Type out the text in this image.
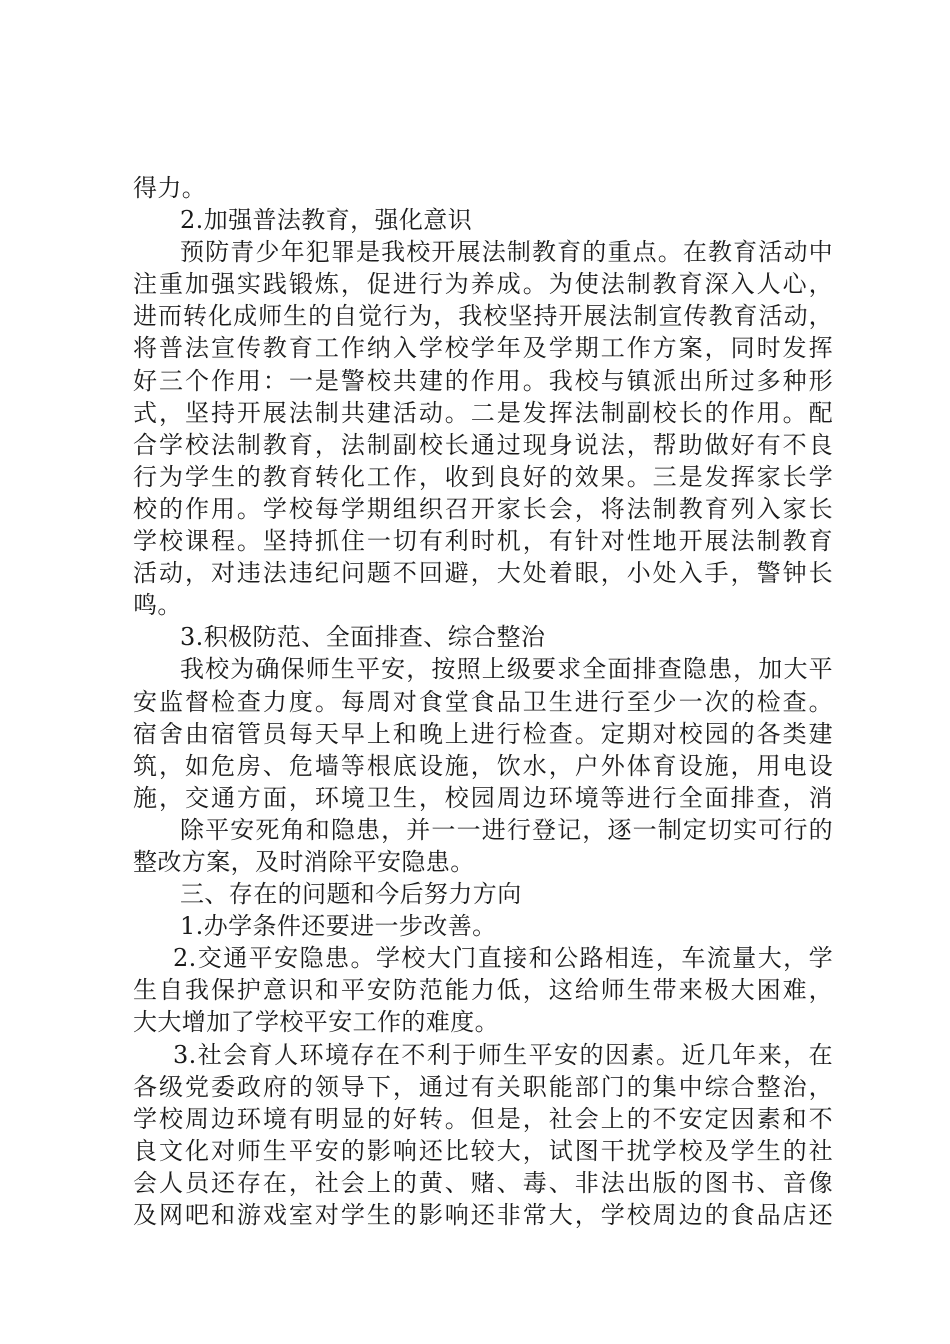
得力。
2.加强普法教育，强化意识
预防青少年犯罪是我校开展法制教育的重点。在教育活动中
注重加强实践锻炼，促进行为养成。为使法制教育深入人心，
进而转化成师生的自觉行为，我校坚持开展法制宣传教育活动，
将普法宣传教育工作纳入学校学年及学期工作方案，同时发挥
好三个作用：一是警校共建的作用。我校与镇派出所过多种形
式，坚持开展法制共建活动。二是发挥法制副校长的作用。配
合学校法制教育，法制副校长通过现身说法，帮助做好有不良
行为学生的教育转化工作，收到良好的效果。三是发挥家长学
校的作用。学校每学期组织召开家长会，将法制教育列入家长
学校课程。坚持抓住一切有利时机，有针对性地开展法制教育
活动，对违法违纪问题不回避，大处着眼，小处入手，警钟长
鸣。
3.积极防范、全面排查、综合整治
我校为确保师生平安，按照上级要求全面排查隐患，加大平
安监督检查力度。每周对食堂食品卫生进行至少一次的检查。
宿舍由宿管员每天早上和晚上进行检查。定期对校园的各类建
筑，如危房、危墙等根底设施，饮水，户外体育设施，用电设
施，交通方面，环境卫生，校园周边环境等进行全面排查，消
除平安死角和隐患，并一一进行登记，逐一制定切实可行的
整改方案，及时消除平安隐患。
三、存在的问题和今后努力方向
1.办学条件还要进一步改善。
2.交通平安隐患。学校大门直接和公路相连，车流量大，学
生自我保护意识和平安防范能力低，这给师生带来极大困难，
大大增加了学校平安工作的难度。
3.社会育人环境存在不利于师生平安的因素。近几年来，在
各级党委政府的领导下，通过有关职能部门的集中综合整治，
学校周边环境有明显的好转。但是，社会上的不安定因素和不
良文化对师生平安的影响还比较大，试图干扰学校及学生的社
会人员还存在，社会上的黄、赌、毒、非法出版的图书、音像
及网吧和游戏室对学生的影响还非常大，学校周边的食品店还
